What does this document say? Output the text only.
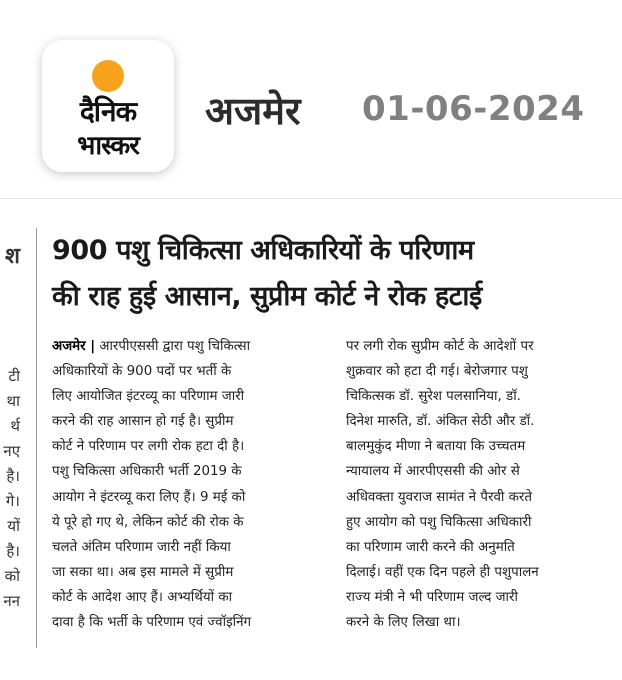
दैनिक
भास्कर
अजमेर 01-06-2024
श
टी
था
र्थ
नए
है।
गे।
यों
है।
को
नन
900 पशु चिकित्सा अधिकारियों के परिणाम
की राह हुई आसान, सुप्रीम कोर्ट ने रोक हटाई
अजमेर | आरपीएससी द्वारा पशु चिकित्सा
अधिकारियों के 900 पदों पर भर्ती के
लिए आयोजित इंटरव्यू का परिणाम जारी
करने की राह आसान हो गई है। सुप्रीम
कोर्ट ने परिणाम पर लगी रोक हटा दी है।
पशु चिकित्सा अधिकारी भर्ती 2019 के
आयोग ने इंटरव्यू करा लिए हैं। 9 मई को
ये पूरे हो गए थे, लेकिन कोर्ट की रोक के
चलते अंतिम परिणाम जारी नहीं किया
जा सका था। अब इस मामले में सुप्रीम
कोर्ट के आदेश आए हैं। अभ्यर्थियों का
दावा है कि भर्ती के परिणाम एवं ज्वॉइनिंग
पर लगी रोक सुप्रीम कोर्ट के आदेशों पर
शुक्रवार को हटा दी गई। बेरोजगार पशु
चिकित्सक डॉ. सुरेश पलसानिया, डॉ.
दिनेश मारुति, डॉ. अंकित सेठी और डॉ.
बालमुकुंद मीणा ने बताया कि उच्चतम
न्यायालय में आरपीएससी की ओर से
अधिवक्ता युवराज सामंत ने पैरवी करते
हुए आयोग को पशु चिकित्सा अधिकारी
का परिणाम जारी करने की अनुमति
दिलाई। वहीं एक दिन पहले ही पशुपालन
राज्य मंत्री ने भी परिणाम जल्द जारी
करने के लिए लिखा था।
